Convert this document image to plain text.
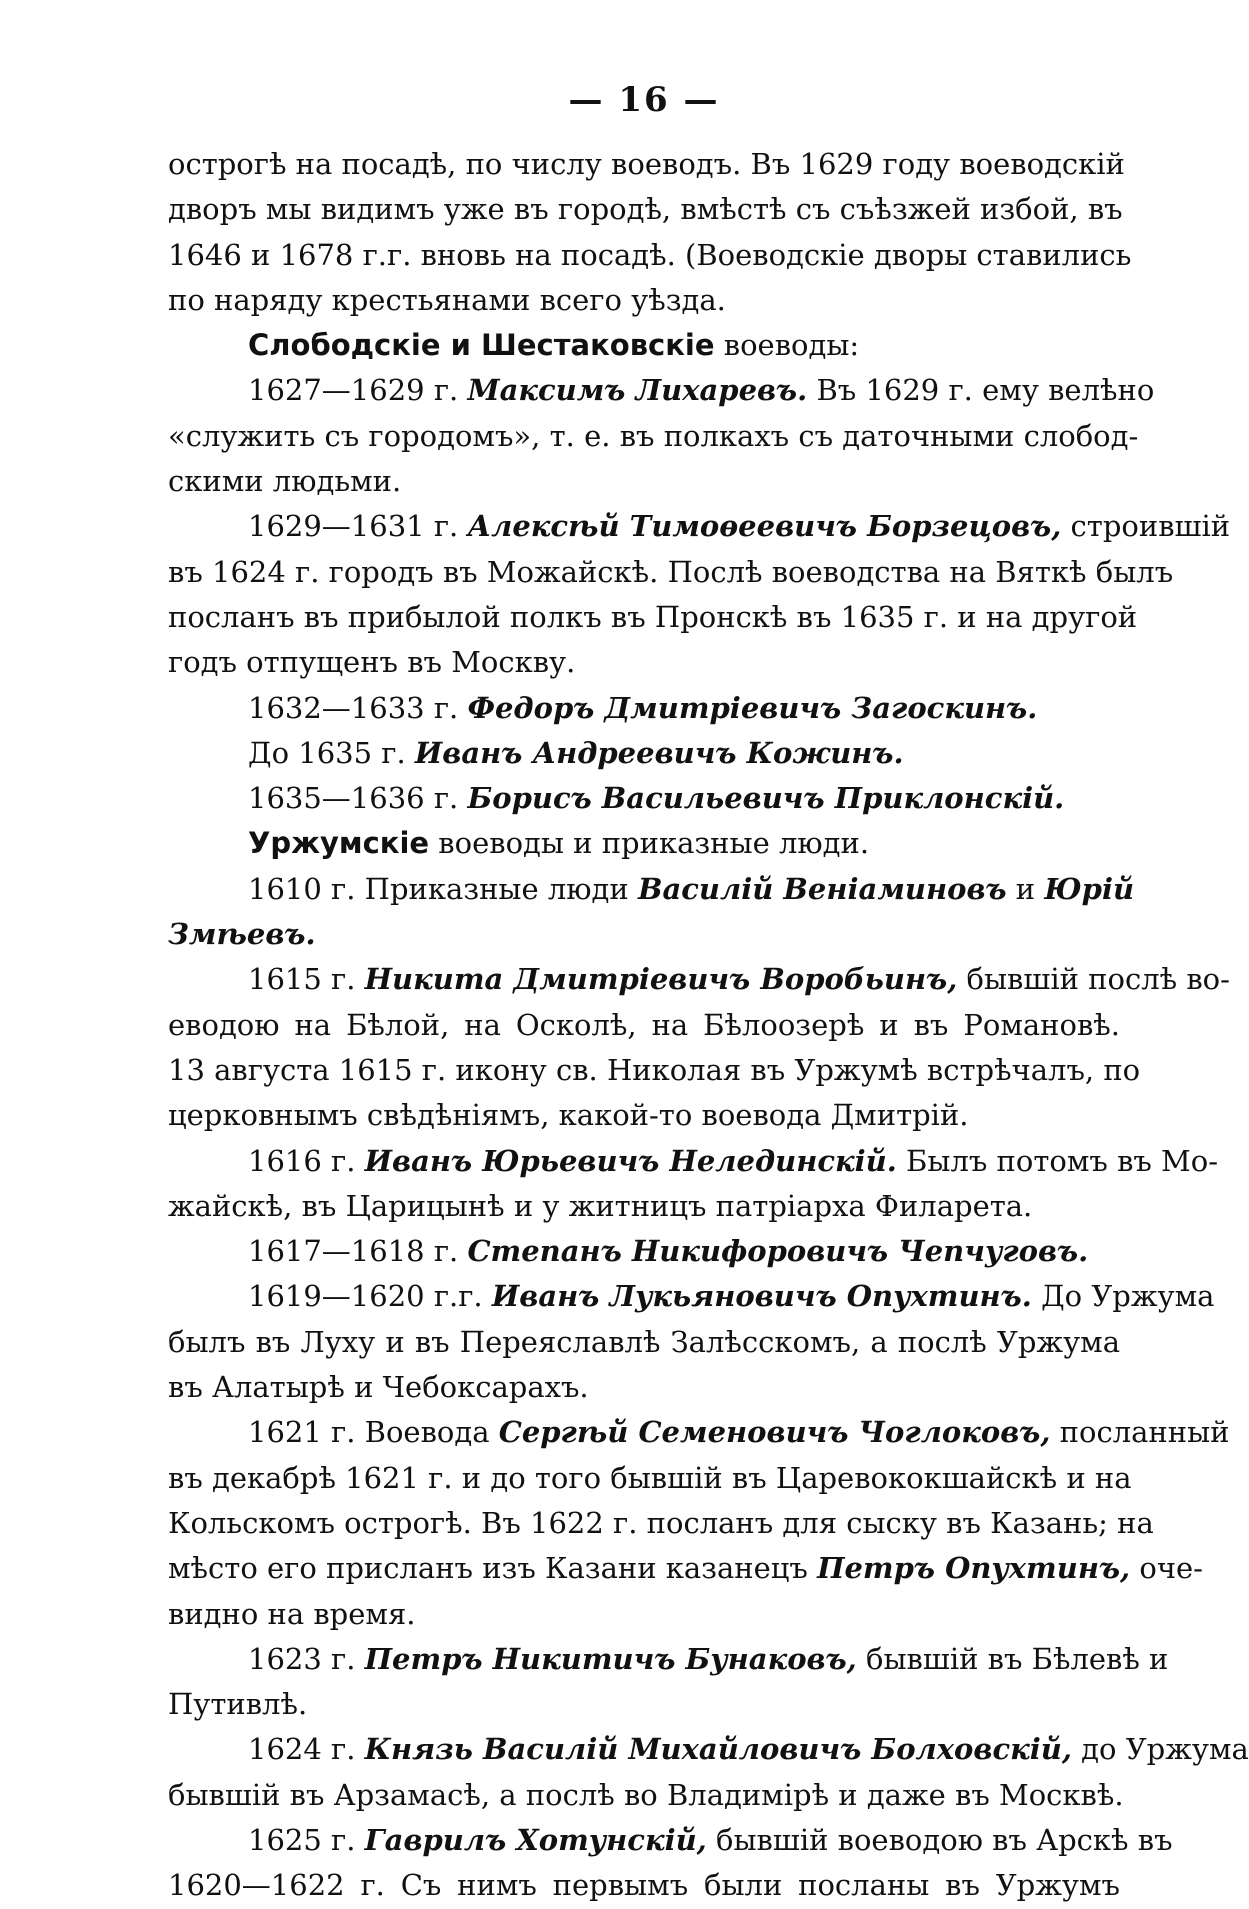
— 16 —
острогѣ на посадѣ, по числу воеводъ. Въ 1629 году воеводскій
дворъ мы видимъ уже въ городѣ, вмѣстѣ съ съѣзжей избой, въ
1646 и 1678 г.г. вновь на посадѣ. (Воеводскіе дворы ставились
по наряду крестьянами всего уѣзда.
Слободскіе и Шестаковскіе воеводы:
1627—1629 г. Максимъ Лихаревъ. Въ 1629 г. ему велѣно
«служить съ городомъ», т. е. въ полкахъ съ даточными слобод-
скими людьми.
1629—1631 г. Алексѣй Тимоѳеевичъ Борзецовъ, строившій
въ 1624 г. городъ въ Можайскѣ. Послѣ воеводства на Вяткѣ былъ
посланъ въ прибылой полкъ въ Пронскѣ въ 1635 г. и на другой
годъ отпущенъ въ Москву.
1632—1633 г. Федоръ Дмитріевичъ Загоскинъ.
До 1635 г. Иванъ Андреевичъ Кожинъ.
1635—1636 г. Борисъ Васильевичъ Приклонскій.
Уржумскіе воеводы и приказные люди.
1610 г. Приказные люди Василій Веніаминовъ и Юрій
Змѣевъ.
1615 г. Никита Дмитріевичъ Воробьинъ, бывшій послѣ во-
еводою на Бѣлой, на Осколѣ, на Бѣлоозерѣ и въ Романовѣ.
13 августа 1615 г. икону св. Николая въ Уржумѣ встрѣчалъ, по
церковнымъ свѣдѣніямъ, какой-то воевода Дмитрій.
1616 г. Иванъ Юрьевичъ Нелединскій. Былъ потомъ въ Мо-
жайскѣ, въ Царицынѣ и у житницъ патріарха Филарета.
1617—1618 г. Степанъ Никифоровичъ Чепчуговъ.
1619—1620 г.г. Иванъ Лукьяновичъ Опухтинъ. До Уржума
былъ въ Луху и въ Переяславлѣ Залѣсскомъ, а послѣ Уржума
въ Алатырѣ и Чебоксарахъ.
1621 г. Воевода Сергѣй Семеновичъ Чоглоковъ, посланный
въ декабрѣ 1621 г. и до того бывшій въ Царевококшайскѣ и на
Кольскомъ острогѣ. Въ 1622 г. посланъ для сыску въ Казань; на
мѣсто его присланъ изъ Казани казанецъ Петръ Опухтинъ, оче-
видно на время.
1623 г. Петръ Никитичъ Бунаковъ, бывшій въ Бѣлевѣ и
Путивлѣ.
1624 г. Князь Василій Михайловичъ Болховскій, до Уржума
бывшій въ Арзамасѣ, а послѣ во Владимірѣ и даже въ Москвѣ.
1625 г. Гаврилъ Хотунскій, бывшій воеводою въ Арскѣ въ
1620—1622 г. Съ нимъ первымъ были посланы въ Уржумъ
